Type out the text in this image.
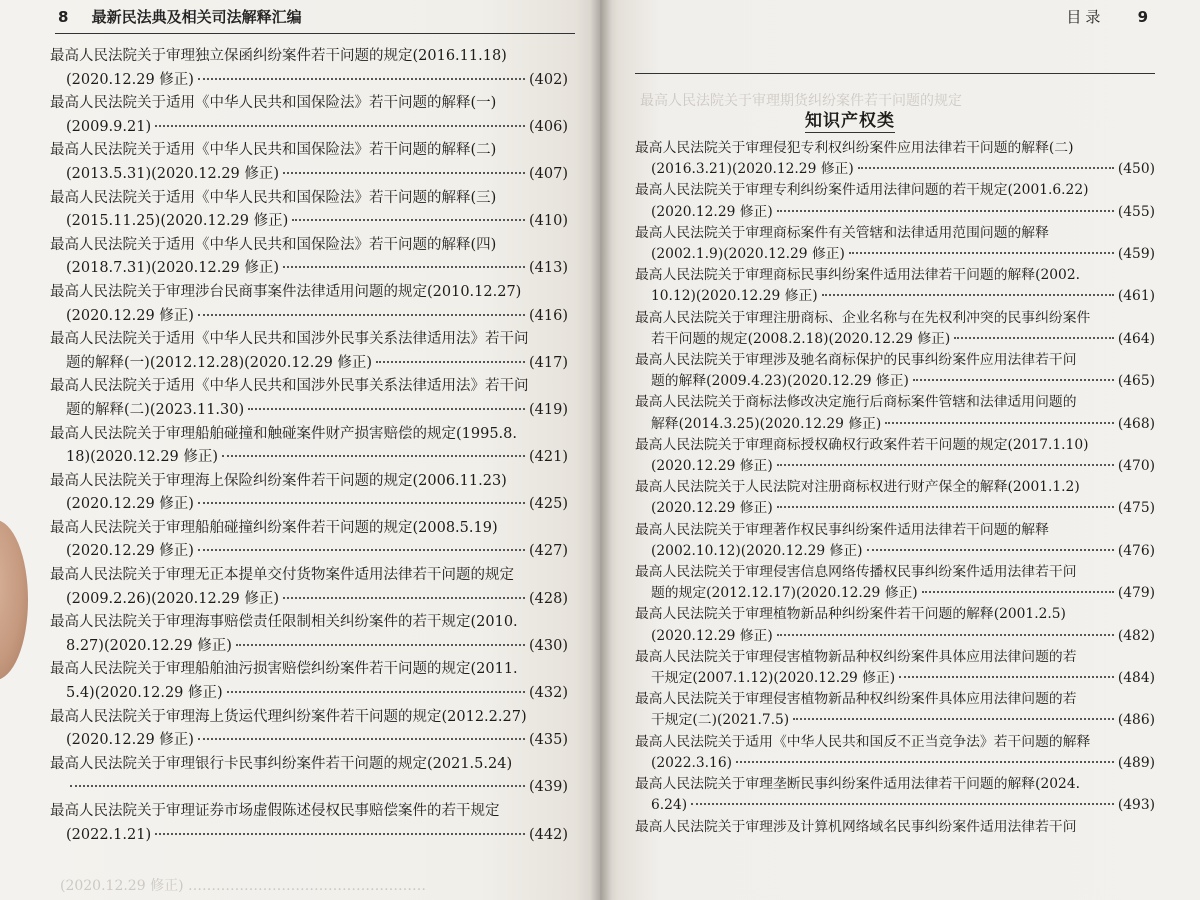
8 最新民法典及相关司法解释汇编
最高人民法院关于审理独立保函纠纷案件若干问题的规定(2016.11.18)
(2020.12.29 修正)	(402)
最高人民法院关于适用《中华人民共和国保险法》若干问题的解释(一)
(2009.9.21)	(406)
最高人民法院关于适用《中华人民共和国保险法》若干问题的解释(二)
(2013.5.31)(2020.12.29 修正)	(407)
最高人民法院关于适用《中华人民共和国保险法》若干问题的解释(三)
(2015.11.25)(2020.12.29 修正)	(410)
最高人民法院关于适用《中华人民共和国保险法》若干问题的解释(四)
(2018.7.31)(2020.12.29 修正)	(413)
最高人民法院关于审理涉台民商事案件法律适用问题的规定(2010.12.27)
(2020.12.29 修正)	(416)
最高人民法院关于适用《中华人民共和国涉外民事关系法律适用法》若干问
题的解释(一)(2012.12.28)(2020.12.29 修正)	(417)
最高人民法院关于适用《中华人民共和国涉外民事关系法律适用法》若干问
题的解释(二)(2023.11.30)	(419)
最高人民法院关于审理船舶碰撞和触碰案件财产损害赔偿的规定(1995.8.
18)(2020.12.29 修正)	(421)
最高人民法院关于审理海上保险纠纷案件若干问题的规定(2006.11.23)
(2020.12.29 修正)	(425)
最高人民法院关于审理船舶碰撞纠纷案件若干问题的规定(2008.5.19)
(2020.12.29 修正)	(427)
最高人民法院关于审理无正本提单交付货物案件适用法律若干问题的规定
(2009.2.26)(2020.12.29 修正)	(428)
最高人民法院关于审理海事赔偿责任限制相关纠纷案件的若干规定(2010.
8.27)(2020.12.29 修正)	(430)
最高人民法院关于审理船舶油污损害赔偿纠纷案件若干问题的规定(2011.
5.4)(2020.12.29 修正)	(432)
最高人民法院关于审理海上货运代理纠纷案件若干问题的规定(2012.2.27)
(2020.12.29 修正)	(435)
最高人民法院关于审理银行卡民事纠纷案件若干问题的规定(2021.5.24)
(439)
最高人民法院关于审理证券市场虚假陈述侵权民事赔偿案件的若干规定
(2022.1.21)	(442)
(2020.12.29 修正) ……………………………………………
目录 9
知识产权类
最高人民法院关于审理侵犯专利权纠纷案件应用法律若干问题的解释(二)
(2016.3.21)(2020.12.29 修正)	(450)
最高人民法院关于审理专利纠纷案件适用法律问题的若干规定(2001.6.22)
(2020.12.29 修正)	(455)
最高人民法院关于审理商标案件有关管辖和法律适用范围问题的解释
(2002.1.9)(2020.12.29 修正)	(459)
最高人民法院关于审理商标民事纠纷案件适用法律若干问题的解释(2002.
10.12)(2020.12.29 修正)	(461)
最高人民法院关于审理注册商标、企业名称与在先权利冲突的民事纠纷案件
若干问题的规定(2008.2.18)(2020.12.29 修正)	(464)
最高人民法院关于审理涉及驰名商标保护的民事纠纷案件应用法律若干问
题的解释(2009.4.23)(2020.12.29 修正)	(465)
最高人民法院关于商标法修改决定施行后商标案件管辖和法律适用问题的
解释(2014.3.25)(2020.12.29 修正)	(468)
最高人民法院关于审理商标授权确权行政案件若干问题的规定(2017.1.10)
(2020.12.29 修正)	(470)
最高人民法院关于人民法院对注册商标权进行财产保全的解释(2001.1.2)
(2020.12.29 修正)	(475)
最高人民法院关于审理著作权民事纠纷案件适用法律若干问题的解释
(2002.10.12)(2020.12.29 修正)	(476)
最高人民法院关于审理侵害信息网络传播权民事纠纷案件适用法律若干问
题的规定(2012.12.17)(2020.12.29 修正)	(479)
最高人民法院关于审理植物新品种纠纷案件若干问题的解释(2001.2.5)
(2020.12.29 修正)	(482)
最高人民法院关于审理侵害植物新品种权纠纷案件具体应用法律问题的若
干规定(2007.1.12)(2020.12.29 修正)	(484)
最高人民法院关于审理侵害植物新品种权纠纷案件具体应用法律问题的若
干规定(二)(2021.7.5)	(486)
最高人民法院关于适用《中华人民共和国反不正当竞争法》若干问题的解释
(2022.3.16)	(489)
最高人民法院关于审理垄断民事纠纷案件适用法律若干问题的解释(2024.
6.24)	(493)
最高人民法院关于审理涉及计算机网络域名民事纠纷案件适用法律若干问
最高人民法院关于审理期货纠纷案件若干问题的规定
